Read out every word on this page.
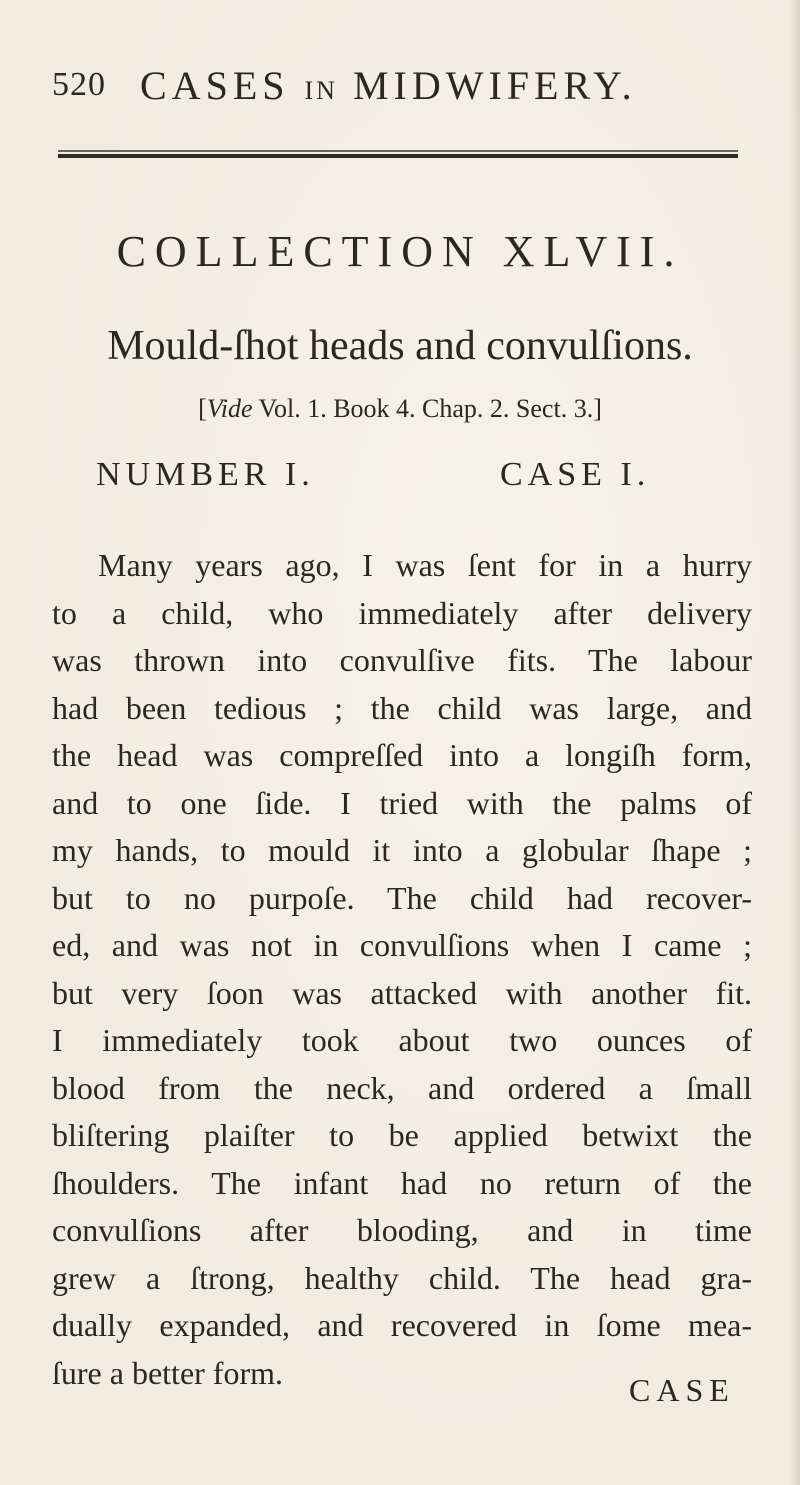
520 CASES IN MIDWIFERY.
COLLECTION XLVII.
Mould-ſhot heads and convulſions.
[Vide Vol. 1. Book 4. Chap. 2. Sect. 3.]
NUMBER I.	CASE I.
Many years ago, I was ſent for in a hurry
to a child, who immediately after delivery
was thrown into convulſive fits. The labour
had been tedious ; the child was large, and
the head was compreſſed into a longiſh form,
and to one ſide. I tried with the palms of
my hands, to mould it into a globular ſhape ;
but to no purpoſe. The child had recover-
ed, and was not in convulſions when I came ;
but very ſoon was attacked with another fit.
I immediately took about two ounces of
blood from the neck, and ordered a ſmall
bliſtering plaiſter to be applied betwixt the
ſhoulders. The infant had no return of the
convulſions after blooding, and in time
grew a ſtrong, healthy child. The head gra-
dually expanded, and recovered in ſome mea-
ſure a better form.	CASE
